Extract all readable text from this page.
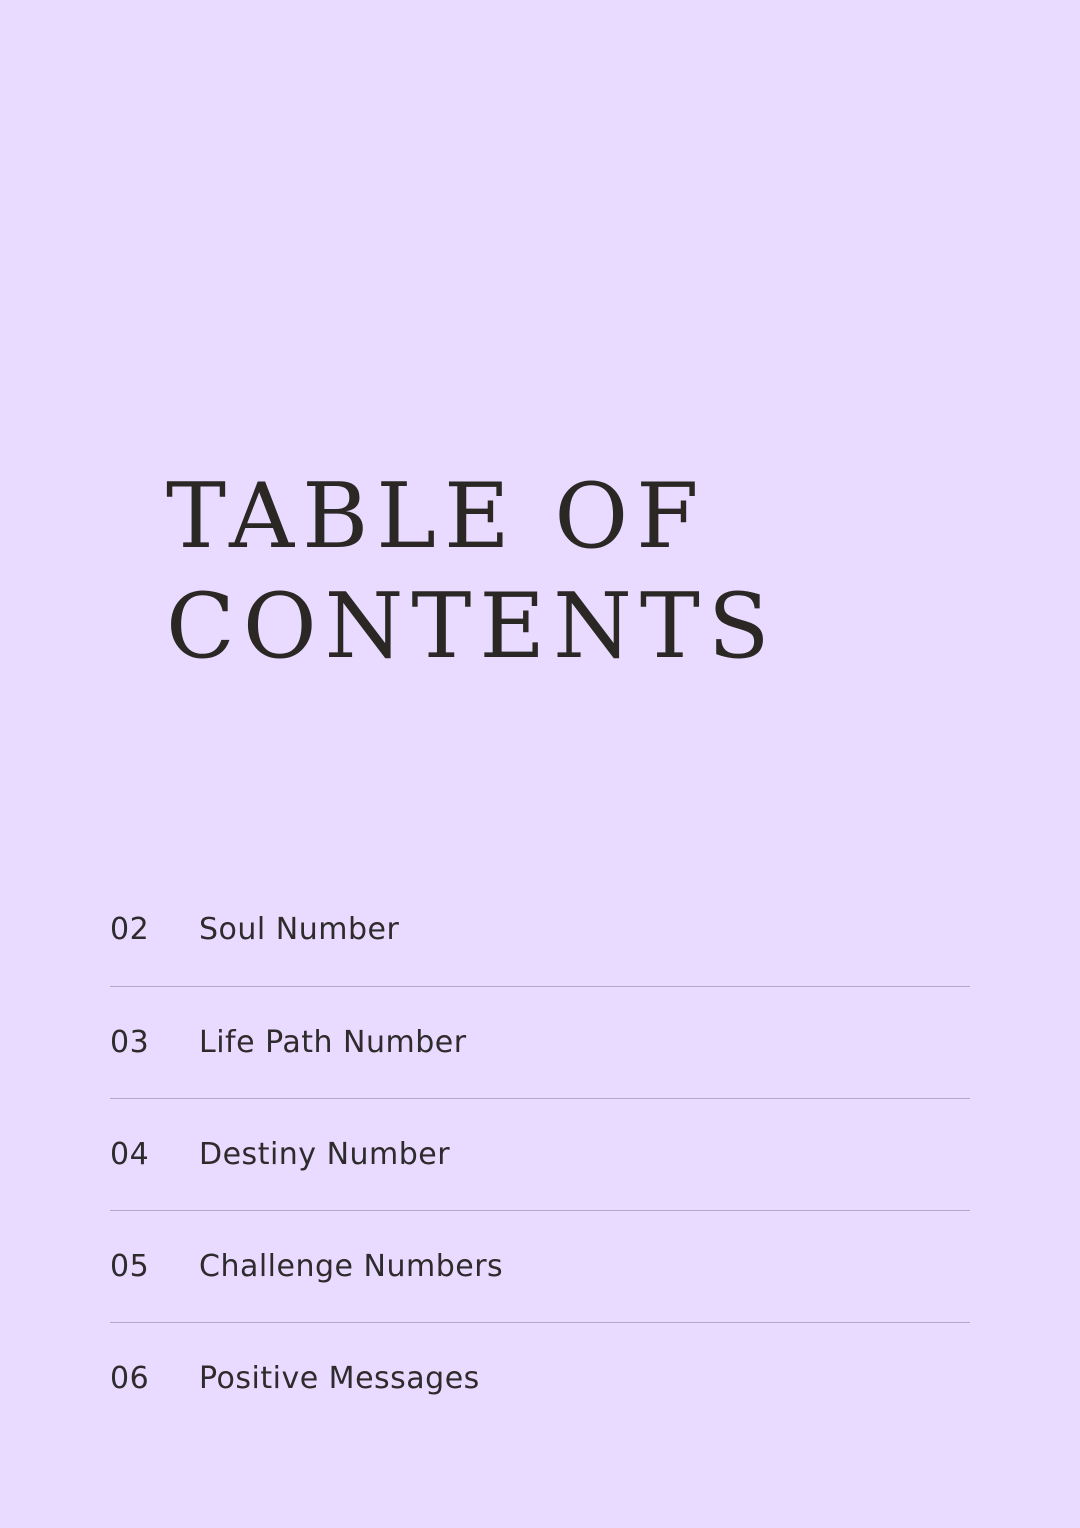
TABLE OF
CONTENTS
02 Soul Number
03 Life Path Number
04 Destiny Number
05 Challenge Numbers
06 Positive Messages
